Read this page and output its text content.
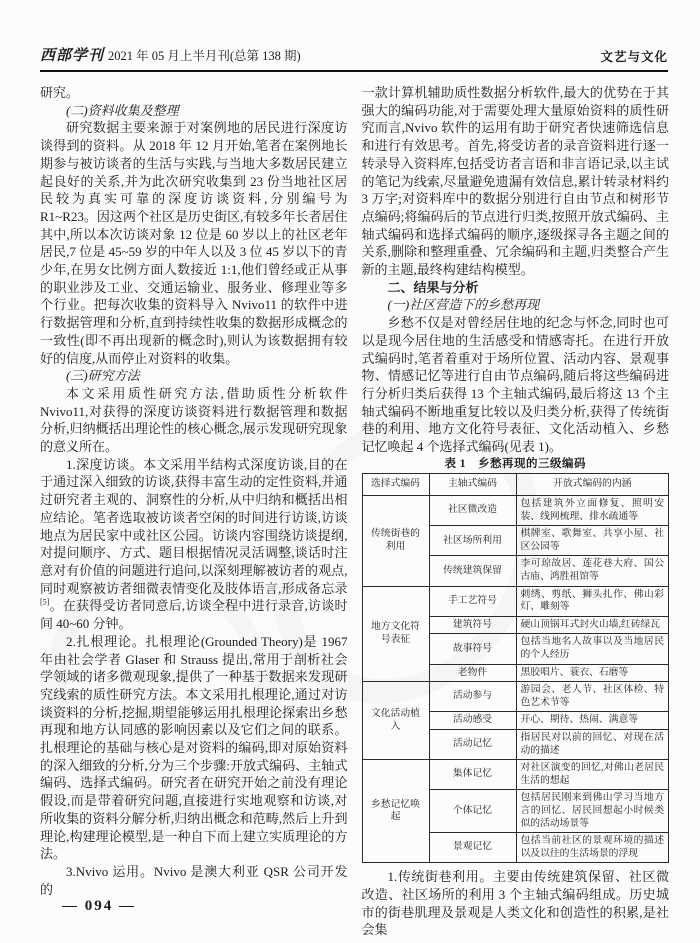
西部学刊 2021 年 05 月上半月刊(总第 138 期)	文艺与文化

研究。

(二)资料收集及整理

研究数据主要来源于对案例地的居民进行深度访谈得到的资料。从 2018 年 12 月开始,笔者在案例地长期参与被访谈者的生活与实践,与当地大多数居民建立起良好的关系,并为此次研究收集到 23 份当地社区居民较为真实可靠的深度访谈资料,分别编号为 R1~R23。因这两个社区是历史街区,有较多年长者居住其中,所以本次访谈对象 12 位是 60 岁以上的社区老年居民,7 位是 45~59 岁的中年人以及 3 位 45 岁以下的青少年,在男女比例方面人数接近 1:1,他们曾经或正从事的职业涉及工业、交通运输业、服务业、修理业等多个行业。把每次收集的资料导入 Nvivo11 的软件中进行数据管理和分析,直到持续性收集的数据形成概念的一致性(即不再出现新的概念时),则认为该数据拥有较好的信度,从而停止对资料的收集。

(三)研究方法

本文采用质性研究方法,借助质性分析软件 Nvivo11,对获得的深度访谈资料进行数据管理和数据分析,归纳概括出理论性的核心概念,展示发现研究现象的意义所在。

1.深度访谈。本文采用半结构式深度访谈,目的在于通过深入细致的访谈,获得丰富生动的定性资料,并通过研究者主观的、洞察性的分析,从中归纳和概括出相应结论。笔者选取被访谈者空闲的时间进行访谈,访谈地点为居民家中或社区公园。访谈内容围绕访谈提纲,对提问顺序、方式、题目根据情况灵活调整,谈话时注意对有价值的问题进行追问,以深刻理解被访者的观点,同时观察被访者细微表情变化及肢体语言,形成备忘录[5]。在获得受访者同意后,访谈全程中进行录音,访谈时间 40~60 分钟。

2.扎根理论。扎根理论(Grounded Theory)是 1967 年由社会学者 Glaser 和 Strauss 提出,常用于剖析社会学领域的诸多微观现象,提供了一种基于数据来发现研究线索的质性研究方法。本文采用扎根理论,通过对访谈资料的分析,挖掘,期望能够运用扎根理论探索出乡愁再现和地方认同感的影响因素以及它们之间的联系。扎根理论的基础与核心是对资料的编码,即对原始资料的深入细致的分析,分为三个步骤:开放式编码、主轴式编码、选择式编码。研究者在研究开始之前没有理论假设,而是带着研究问题,直接进行实地观察和访谈,对所收集的资料分解分析,归纳出概念和范畴,然后上升到理论,构建理论模型,是一种自下而上建立实质理论的方法。

3.Nvivo 运用。Nvivo 是澳大利亚 QSR 公司开发的

一款计算机辅助质性数据分析软件,最大的优势在于其强大的编码功能,对于需要处理大量原始资料的质性研究而言,Nvivo 软件的运用有助于研究者快速筛选信息和进行有效思考。首先,将受访者的录音资料进行逐一转录导入资料库,包括受访者言语和非言语记录,以主试的笔记为线索,尽量避免遗漏有效信息,累计转录材料约 3 万字;对资料库中的数据分别进行自由节点和树形节点编码;将编码后的节点进行归类,按照开放式编码、主轴式编码和选择式编码的顺序,逐级探寻各主题之间的关系,删除和整理重叠、冗余编码和主题,归类整合产生新的主题,最终构建结构模型。

二、结果与分析

(一)社区营造下的乡愁再现

乡愁不仅是对曾经居住地的纪念与怀念,同时也可以是现今居住地的生活感受和情感寄托。在进行开放式编码时,笔者着重对于场所位置、活动内容、景观事物、情感记忆等进行自由节点编码,随后将这些编码进行分析归类后获得 13 个主轴式编码,最后将这 13 个主轴式编码不断地重复比较以及归类分析,获得了传统街巷的利用、地方文化符号表征、文化活动植入、乡愁记忆唤起 4 个选择式编码(见表 1)。

表 1　乡愁再现的三级编码

选择式编码	主轴式编码	开放式编码的内涵
传统街巷的利用	社区微改造	包括建筑外立面修复、照明安装、线网梳理、排水疏通等
	社区场所利用	棋牌室、歌舞室、共享小屋、社区公园等
	传统建筑保留	李可琼故居、莲花巷大府、国公古庙、鸿胜祖馆等
地方文化符号表征	手工艺符号	刺绣、剪纸、狮头扎作、佛山彩灯、雕刻等
	建筑符号	硬山顶锅耳式封火山墙,红砖绿瓦
	故事符号	包括当地名人故事以及当地居民的个人经历
	老物件	黑胶唱片、蓑衣、石磨等
文化活动植入	活动参与	游园会、老人节、社区体检、特色艺术节等
	活动感受	开心、期待、热闹、满意等
	活动记忆	指居民对以前的回忆、对现在活动的描述
乡愁记忆唤起	集体记忆	对社区演变的回忆,对佛山老居民生活的想起
	个体记忆	包括居民刚来到佛山学习当地方言的回忆、居民回想起小时候类似的活动场景等
	景观记忆	包括当前社区的景观环境的描述以及以往的生活场景的浮现

1.传统街巷利用。主要由传统建筑保留、社区微改造、社区场所的利用 3 个主轴式编码组成。历史城市的街巷肌理及景观是人类文化和创造性的积累,是社会集

— 094 —
